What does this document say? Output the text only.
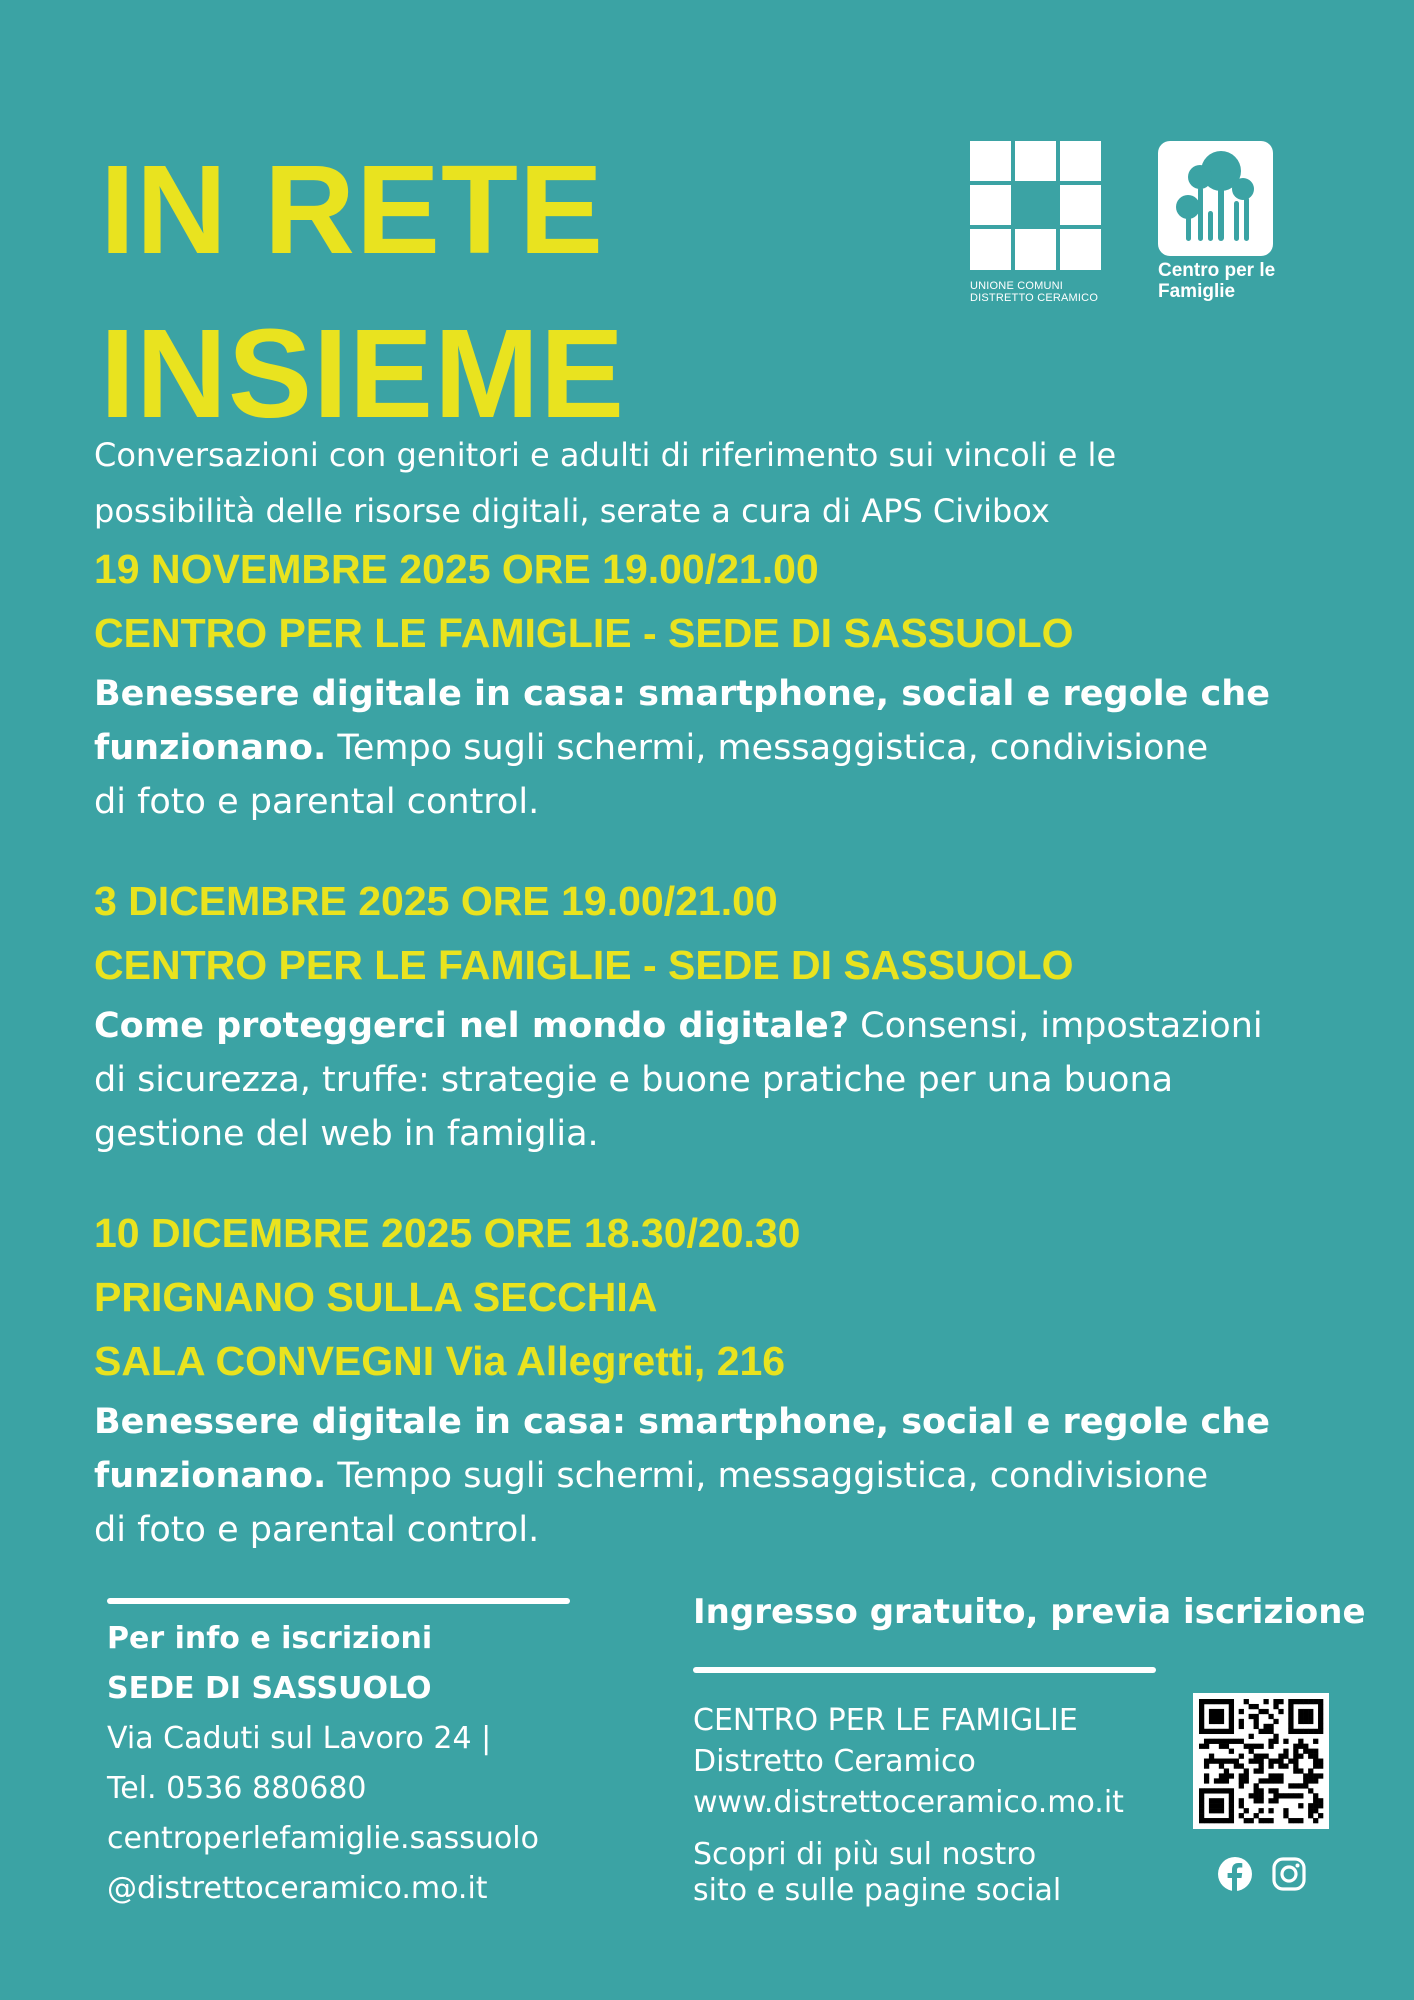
IN RETE
INSIEME
UNIONE COMUNI
DISTRETTO CERAMICO
Centro per le
Famiglie
Conversazioni con genitori e adulti di riferimento sui vincoli e le
possibilità delle risorse digitali, serate a cura di APS Civibox

19 NOVEMBRE 2025 ORE 19.00/21.00

CENTRO PER LE FAMIGLIE - SEDE DI SASSUOLO

Benessere digitale in casa: smartphone, social e regole che
funzionano. Tempo sugli schermi, messaggistica, condivisione
di foto e parental control.

3 DICEMBRE 2025 ORE 19.00/21.00

CENTRO PER LE FAMIGLIE - SEDE DI SASSUOLO

Come proteggerci nel mondo digitale? Consensi, impostazioni
di sicurezza, truffe: strategie e buone pratiche per una buona
gestione del web in famiglia.

10 DICEMBRE 2025 ORE 18.30/20.30

PRIGNANO SULLA SECCHIA

SALA CONVEGNI Via Allegretti, 216

Benessere digitale in casa: smartphone, social e regole che
funzionano. Tempo sugli schermi, messaggistica, condivisione
di foto e parental control.

Per info e iscrizioni

SEDE DI SASSUOLO

Via Caduti sul Lavoro 24 |

Tel. 0536 880680

centroperlefamiglie.sassuolo

@distrettoceramico.mo.it

Ingresso gratuito, previa iscrizione

CENTRO PER LE FAMIGLIE

Distretto Ceramico

www.distrettoceramico.mo.it

Scopri di più sul nostro

sito e sulle pagine social
